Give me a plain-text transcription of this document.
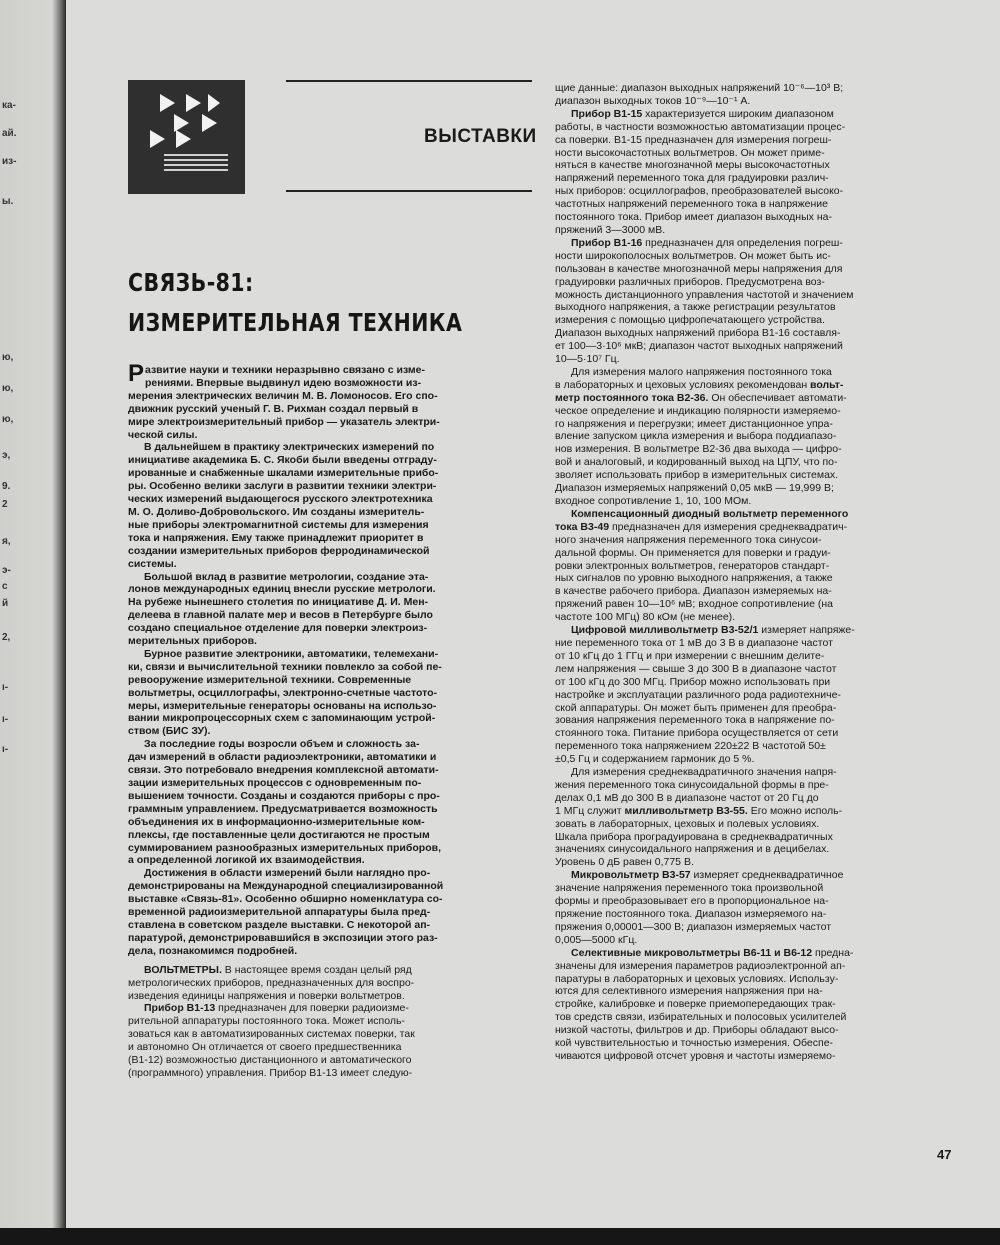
ВЫСТАВКИ
СВЯЗЬ-81:
ИЗМЕРИТЕЛЬНАЯ ТЕХНИКА
Р азвитие науки и техники неразрывно связано с изме-

рениями. Впервые выдвинул идею возможности из-

мерения электрических величин М. В. Ломоносов. Его спо-

движник русский ученый Г. В. Рихман создал первый в

мире электроизмерительный прибор — указатель электри-

ческой силы.

В дальнейшем в практику электрических измерений по

инициативе академика Б. С. Якоби были введены отграду-

ированные и снабженные шкалами измерительные прибо-

ры. Особенно велики заслуги в развитии техники электри-

ческих измерений выдающегося русского электротехника

М. О. Доливо-Добровольского. Им созданы измеритель-

ные приборы электромагнитной системы для измерения

тока и напряжения. Ему также принадлежит приоритет в

создании измерительных приборов ферродинамической

системы.

Большой вклад в развитие метрологии, создание эта-

лонов международных единиц внесли русские метрологи.

На рубеже нынешнего столетия по инициативе Д. И. Мен-

делеева в главной палате мер и весов в Петербурге было

создано специальное отделение для поверки электроиз-

мерительных приборов.

Бурное развитие электроники, автоматики, телемехани-

ки, связи и вычислительной техники повлекло за собой пе-

ревооружение измерительной техники. Современные

вольтметры, осциллографы, электронно-счетные частото-

меры, измерительные генераторы основаны на использо-

вании микропроцессорных схем с запоминающим устрой-

ством (БИС ЗУ).

За последние годы возросли объем и сложность за-

дач измерений в области радиоэлектроники, автоматики и

связи. Это потребовало внедрения комплексной автомати-

зации измерительных процессов с одновременным по-

вышением точности. Созданы и создаются приборы с про-

граммным управлением. Предусматривается возможность

объединения их в информационно-измерительные ком-

плексы, где поставленные цели достигаются не простым

суммированием разнообразных измерительных приборов,

а определенной логикой их взаимодействия.

Достижения в области измерений были наглядно про-

демонстрированы на Международной специализированной

выставке «Связь-81». Особенно обширно номенклатура со-

временной радиоизмерительной аппаратуры была пред-

ставлена в советском разделе выставки. С некоторой ап-

паратурой, демонстрировавшийся в экспозиции этого раз-

дела, познакомимся подробней.

ВОЛЬТМЕТРЫ. В настоящее время создан целый ряд

метрологических приборов, предназначенных для воспро-

изведения единицы напряжения и поверки вольтметров.

Прибор В1-13 предназначен для поверки радиоизме-

рительной аппаратуры постоянного тока. Может исполь-

зоваться как в автоматизированных системах поверки, так

и автономно Он отличается от своего предшественника

(В1-12) возможностью дистанционного и автоматического

(программного) управления. Прибор В1-13 имеет следую-

щие данные: диапазон выходных напряжений 10⁻⁶—10³ В;

диапазон выходных токов 10⁻⁹—10⁻¹ А.

Прибор В1-15 характеризуется широким диапазоном

работы, в частности возможностью автоматизации процес-

са поверки. В1-15 предназначен для измерения погреш-

ности высокочастотных вольтметров. Он может приме-

няться в качестве многозначной меры высокочастотных

напряжений переменного тока для градуировки различ-

ных приборов: осциллографов, преобразователей высоко-

частотных напряжений переменного тока в напряжение

постоянного тока. Прибор имеет диапазон выходных на-

пряжений 3—3000 мВ.

Прибор В1-16 предназначен для определения погреш-

ности широкополосных вольтметров. Он может быть ис-

пользован в качестве многозначной меры напряжения для

градуировки различных приборов. Предусмотрена воз-

можность дистанционного управления частотой и значением

выходного напряжения, а также регистрации результатов

измерения с помощью цифропечатающего устройства.

Диапазон выходных напряжений прибора В1-16 составля-

ет 100—3·10⁶ мкВ; диапазон частот выходных напряжений

10—5·10⁷ Гц.

Для измерения малого напряжения постоянного тока

в лабораторных и цеховых условиях рекомендован вольт-

метр постоянного тока В2-36. Он обеспечивает автомати-

ческое определение и индикацию полярности измеряемо-

го напряжения и перегрузки; имеет дистанционное упра-

вление запуском цикла измерения и выбора поддиапазо-

нов измерения. В вольтметре В2-36 два выхода — цифро-

вой и аналоговый, и кодированный выход на ЦПУ, что по-

зволяет использовать прибор в измерительных системах.

Диапазон измеряемых напряжений 0,05 мкВ — 19,999 В;

входное сопротивление 1, 10, 100 МОм.

Компенсационный диодный вольтметр переменного

тока В3-49 предназначен для измерения среднеквадратич-

ного значения напряжения переменного тока синусои-

дальной формы. Он применяется для поверки и градуи-

ровки электронных вольтметров, генераторов стандарт-

ных сигналов по уровню выходного напряжения, а также

в качестве рабочего прибора. Диапазон измеряемых на-

пряжений равен 10—10⁶ мВ; входное сопротивление (на

частоте 100 МГц) 80 кОм (не менее).

Цифровой милливольтметр В3-52/1 измеряет напряже-

ние переменного тока от 1 мВ до 3 В в диапазоне частот

от 10 кГц до 1 ГГц и при измерении с внешним делите-

лем напряжения — свыше 3 до 300 В в диапазоне частот

от 100 кГц до 300 МГц. Прибор можно использовать при

настройке и эксплуатации различного рода радиотехниче-

ской аппаратуры. Он может быть применен для преобра-

зования напряжения переменного тока в напряжение по-

стоянного тока. Питание прибора осуществляется от сети

переменного тока напряжением 220±22 В частотой 50±

±0,5 Гц и содержанием гармоник до 5 %.

Для измерения среднеквадратичного значения напря-

жения переменного тока синусоидальной формы в пре-

делах 0,1 мВ до 300 В в диапазоне частот от 20 Гц до

1 МГц служит милливольтметр В3-55. Его можно исполь-

зовать в лабораторных, цеховых и полевых условиях.

Шкала прибора проградуирована в среднеквадратичных

значениях синусоидального напряжения и в децибелах.

Уровень 0 дБ равен 0,775 В.

Микровольтметр В3-57 измеряет среднеквадратичное

значение напряжения переменного тока произвольной

формы и преобразовывает его в пропорциональное на-

пряжение постоянного тока. Диапазон измеряемого на-

пряжения 0,00001—300 В; диапазон измеряемых частот

0,005—5000 кГц.

Селективные микровольтметры В6-11 и В6-12 предна-

значены для измерения параметров радиоэлектронной ап-

паратуры в лабораторных и цеховых условиях. Использу-

ются для селективного измерения напряжения при на-

стройке, калибровке и поверке приемопередающих трак-

тов средств связи, избирательных и полосовых усилителей

низкой частоты, фильтров и др. Приборы обладают высо-

кой чувствительностью и точностью измерения. Обеспе-

чиваются цифровой отсчет уровня и частоты измеряемо-

47
ка-
ай.
из-
ы.
ю,
ю,
ю,
э,
9.
2
я,
э-
с
й
2,
ı-
ı-
ı-
